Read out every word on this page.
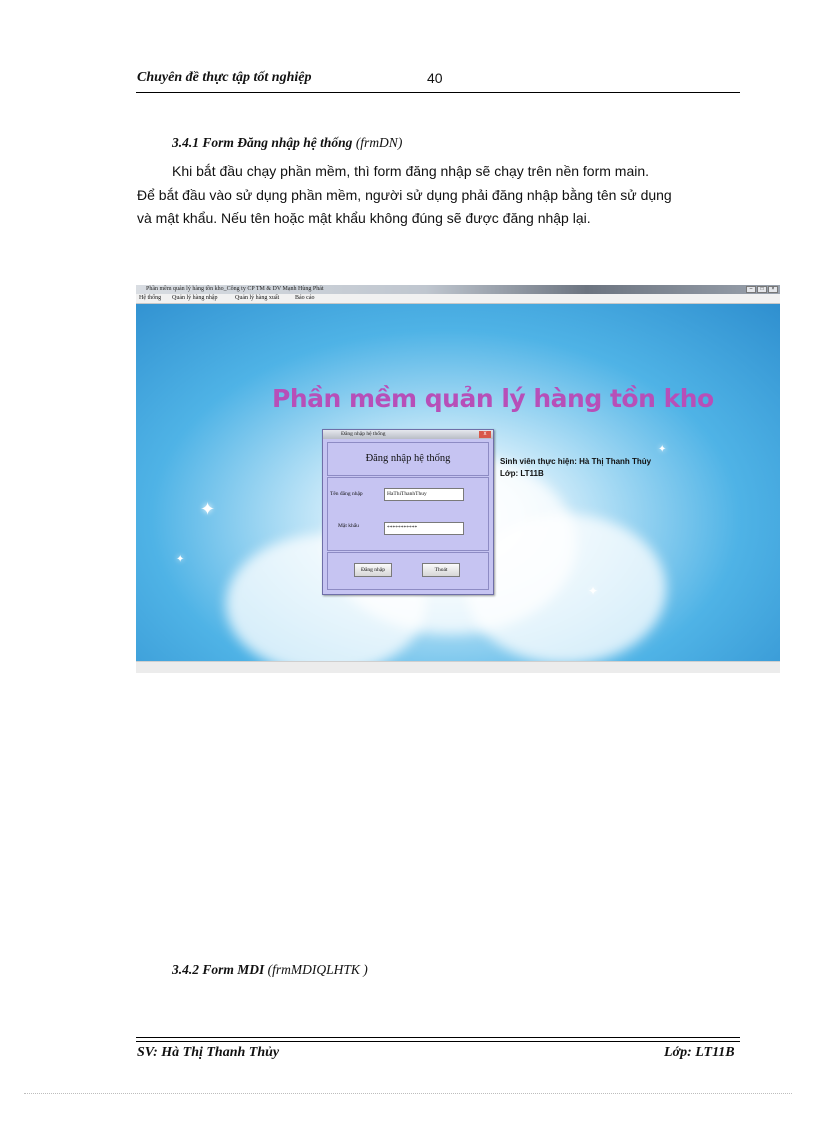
Chuyên đề thực tập tốt nghiệp	40
3.4.1 Form Đăng nhập hệ thống (frmDN)
Khi bắt đầu chạy phần mềm, thì form đăng nhập sẽ chạy trên nền form main.
Để bắt đầu vào sử dụng phần mềm, người sử dụng phải đăng nhập bằng tên sử dụng
và mật khẩu. Nếu tên hoặc mật khẩu không đúng sẽ được đăng nhập lại.
Phần mềm quản lý hàng tồn kho_Công ty CP TM & DV Mạnh Hùng Phát	–	□	×
Hệ thống Quản lý hàng nhập	Quản lý hàng xuất	Báo cáo
✦
✦
✦
✦
Phần mềm quản lý hàng tồn kho
Sinh viên thực hiện: Hà Thị Thanh Thủy
Lớp: LT11B
Đăng nhập hệ thống	x
Đăng nhập hệ thống
Tên đăng nhập	HaThiThanhThuy
Mật khẩu	***********
Đăng nhập	Thoát
3.4.2 Form MDI (frmMDIQLHTK )
SV: Hà Thị Thanh Thủy	Lớp: LT11B
